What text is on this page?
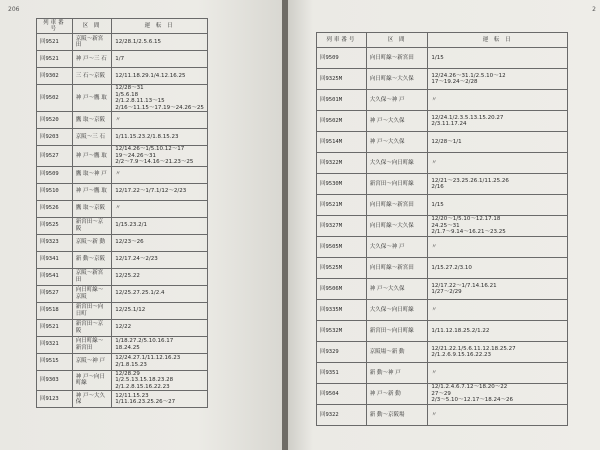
206
列車番号	区 間	運 転 日
回9521	京阪～新宮田	12/28.1/2.5.6.15
回9521	神 戸～三 石	1/7
回9302	三 石～京阪	12/11.18.29.1/4.12.16.25
回9502	神 戸～鷹 取	12/28～31
1/5.6.18
2/1.2.8.11.13～15
2/16～11.15～17.19～24.26～25
回9520	鷹 取～京阪	〃
回9203	京阪～三 石	1/11.15.23.2/1.8.15.23
回9527	神 戸～鷹 取	12/14.26～1/5.10.12～17
19～24.26～31
2/2～7.9～14.16～21.23～25
回9509	鷹 取～神 戸	〃
回9510	神 戸～鷹 取	12/17.22～1/7.1/12～2/23
回9526	鷹 取～京阪	〃
回9525	新宮田～京阪	1/15.23.2/1
回9323	京阪～新 動	12/23～26
回9341	新 動～京阪	12/17.24～2/23
回9541	京阪～新宮田	12/25.22
回9527	向日町線～京阪	12/25.27.25.1/2.4
回9518	新宮田～向日町	12/25.1/12
回9521	新宮田～京阪	12/22
回9321	向日町線～新宮田	1/18.27.2/5.10.16.17
18.24.25
回9515	京阪～神 戸	12/24.27.1/11.12.16.23
2/1.8.15.23
回9303	神 戸～向日町線	12/28.29
1/2.5.13.15.18.23.28
2/1.2.8.15.16.22.23
回9123	神 戸～大久保	12/11.15.23
1/11.16.23.25.26～27
2
列車番号	区 間	運 転 日
回9509	向日町線～新宮田	1/15
回9325M	向日町線～大久保	12/24.26～31.1/2.5.10～12
17～19.24～2/28
回9501M	大久保～神 戸	〃
回9502M	神 戸～大久保	12/24.1/2.3.5.13.15.20.27
2/3.11.17.24
回9514M	神 戸～大久保	12/28～1/1
回9322M	大久保～向日町線	〃
回9530M	新宮田～向日町線	12/21～23.25.26.1/11.25.26
2/16
回9521M	向日町線～新宮田	1/15
回9327M	向日町線～大久保	12/20～1/5.10～12.17.18
24.25～31
2/1.7～9.14～16.21～23.25
回9505M	大久保～神 戸	〃
回9525M	向日町線～新宮田	1/15.27.2/3.10
回9506M	神 戸～大久保	12/17.22～1/7.14.16.21
1/27～2/29
回9335M	大久保～向日町線	〃
回9532M	新宮田～向日町線	1/11.12.18.25.2/1.22
回9329	京阪場～新 動	12/21.22.1/5.6.11.12.18.25.27
2/1.2.6.9.15.16.22.23
回9351	新 動～神 戸	〃
回9504	神 戸～新 動	12/1.2.4.6.7.12～18.20～22
27～29
2/3～5.10～12.17～18.24～26
回9322	新 動～京阪場	〃
